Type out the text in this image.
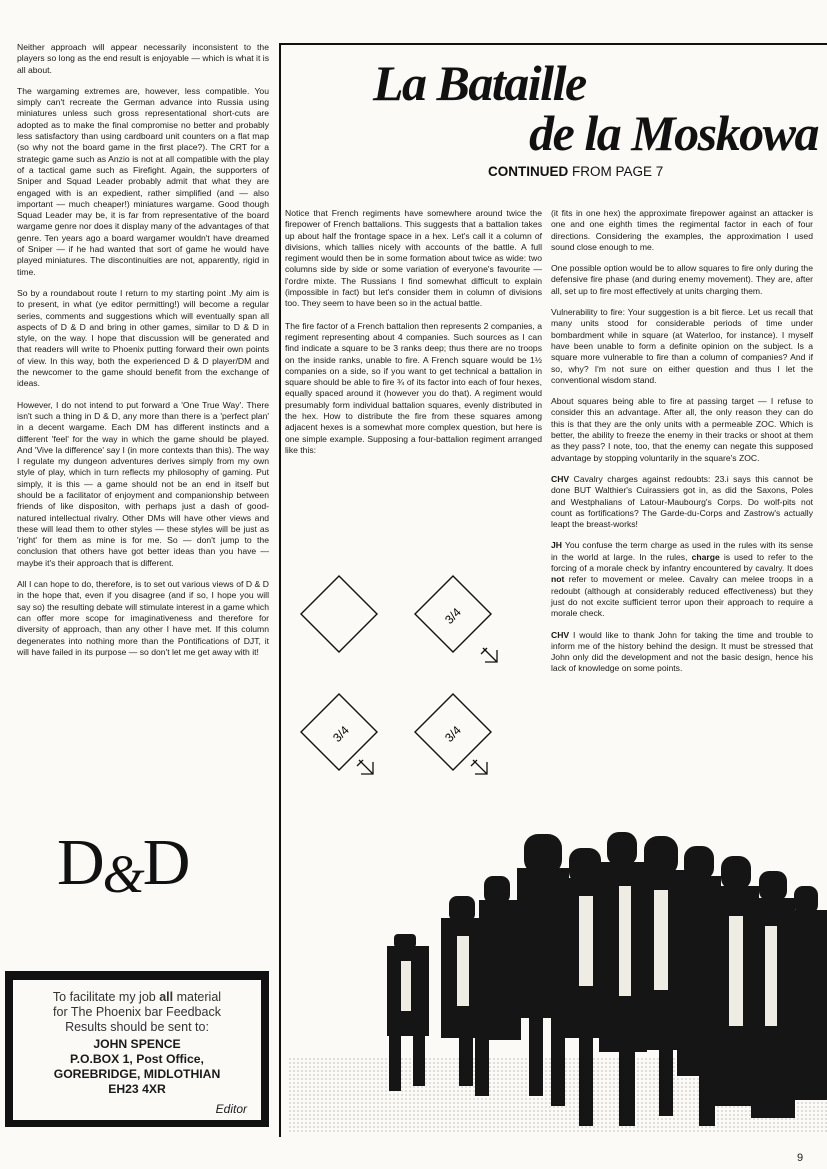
Neither approach will appear necessarily inconsistent to the players so long as the end result is enjoyable — which is what it is all about.

The wargaming extremes are, however, less compatible. You simply can't recreate the German advance into Russia using miniatures unless such gross representational short-cuts are adopted as to make the final compromise no better and probably less satisfactory than using cardboard unit counters on a flat map (so why not the board game in the first place?). The CRT for a strategic game such as Anzio is not at all compatible with the play of a tactical game such as Firefight. Again, the supporters of Sniper and Squad Leader probably admit that what they are engaged with is an expedient, rather simplified (and — also important — much cheaper!) miniatures wargame. Good though Squad Leader may be, it is far from representative of the board wargame genre nor does it display many of the advantages of that genre. Ten years ago a board wargamer wouldn't have dreamed of Sniper — if he had wanted that sort of game he would have played miniatures. The discontinuities are not, apparently, rigid in time.

So by a roundabout route I return to my starting point .My aim is to present, in what (ye editor permitting!) will become a regular series, comments and suggestions which will eventually span all aspects of D & D and bring in other games, similar to D & D in style, on the way. I hope that discussion will be generated and that readers will write to Phoenix putting forward their own points of view. In this way, both the experienced D & D player/DM and the newcomer to the game should benefit from the exchange of ideas.

However, I do not intend to put forward a 'One True Way'. There isn't such a thing in D & D, any more than there is a 'perfect plan' in a decent wargame. Each DM has different instincts and a different 'feel' for the way in which the game should be played. And 'Vive la difference' say I (in more contexts than this). The way I regulate my dungeon adventures derives simply from my own style of play, which in turn reflects my philosophy of gaming. Put simply, it is this — a game should not be an end in itself but should be a facilitator of enjoyment and companionship between friends of like dispositon, with perhaps just a dash of good-natured intellectual rivalry. Other DMs will have other views and these will lead them to other styles — these styles will be just as 'right' for them as mine is for me. So — don't jump to the conclusion that others have got better ideas than you have — maybe it's their approach that is different.

All I can hope to do, therefore, is to set out various views of D & D in the hope that, even if you disagree (and if so, I hope you will say so) the resulting debate will stimulate interest in a game which can offer more scope for imaginativeness and therefore for diversity of approach, than any other I have met. If this column degenerates into nothing more than the Pontifications of DJT, it will have failed in its purpose — so don't let me get away with it!

D&D
To facilitate my job all material
for The Phoenix bar Feedback
Results should be sent to:
JOHN SPENCE
P.O.BOX 1, Post Office,
GOREBRIDGE, MIDLOTHIAN
EH23 4XR
Editor
La Bataille
de la Moskowa
CONTINUED FROM PAGE 7

Notice that French regiments have somewhere around twice the firepower of French battalions. This suggests that a battalion takes up about half the frontage space in a hex. Let's call it a column of divisions, which tallies nicely with accounts of the battle. A full regiment would then be in some formation about twice as wide: two columns side by side or some variation of everyone's favourite — l'ordre mixte. The Russians I find somewhat difficult to explain (impossible in fact) but let's consider them in column of divisions too. They seem to have been so in the actual battle.

The fire factor of a French battalion then represents 2 companies, a regiment representing about 4 companies. Such sources as I can find indicate a square to be 3 ranks deep; thus there are no troops on the inside ranks, unable to fire. A French square would be 1½ companies on a side, so if you want to get technical a battalion in square should be able to fire ¾ of its factor into each of four hexes, equally spaced around it (however you do that). A regiment would presumably form individual battalion squares, evenly distributed in the hex. How to distribute the fire from these squares among adjacent hexes is a somewhat more complex question, but here is one simple example. Supposing a four-battalion regiment arranged like this:

3/4
3/4	3/4

(it fits in one hex) the approximate firepower against an attacker is one and one eighth times the regimental factor in each of four directions. Considering the examples, the approximation I used sound close enough to me.

One possible option would be to allow squares to fire only during the defensive fire phase (and during enemy movement). They are, after all, set up to fire most effectively at units charging them.

Vulnerability to fire: Your suggestion is a bit fierce. Let us recall that many units stood for considerable periods of time under bombardment while in square (at Waterloo, for instance). I myself have been unable to form a definite opinion on the subject. Is a square more vulnerable to fire than a column of companies? And if so, why? I'm not sure on either question and thus I let the conventional wisdom stand.

About squares being able to fire at passing target — I refuse to consider this an advantage. After all, the only reason they can do this is that they are the only units with a permeable ZOC. Which is better, the ability to freeze the enemy in their tracks or shoot at them as they pass? I note, too, that the enemy can negate this supposed advantage by stopping voluntarily in the square's ZOC.

CHV Cavalry charges against redoubts: 23.i says this cannot be done BUT Walthier's Cuirassiers got in, as did the Saxons, Poles and Westphalians of Latour-Maubourg's Corps. Do wolf-pits not count as fortifications? The Garde-du-Corps and Zastrow's actually leapt the breast-works!

JH You confuse the term charge as used in the rules with its sense in the world at large. In the rules, charge is used to refer to the forcing of a morale check by infantry encountered by cavalry. It does not refer to movement or melee. Cavalry can melee troops in a redoubt (although at considerably reduced effectiveness) but they just do not excite sufficient terror upon their approach to require a morale check.

CHV I would like to thank John for taking the time and trouble to inform me of the history behind the design. It must be stressed that John only did the development and not the basic design, hence his lack of knowledge on some points.

9
